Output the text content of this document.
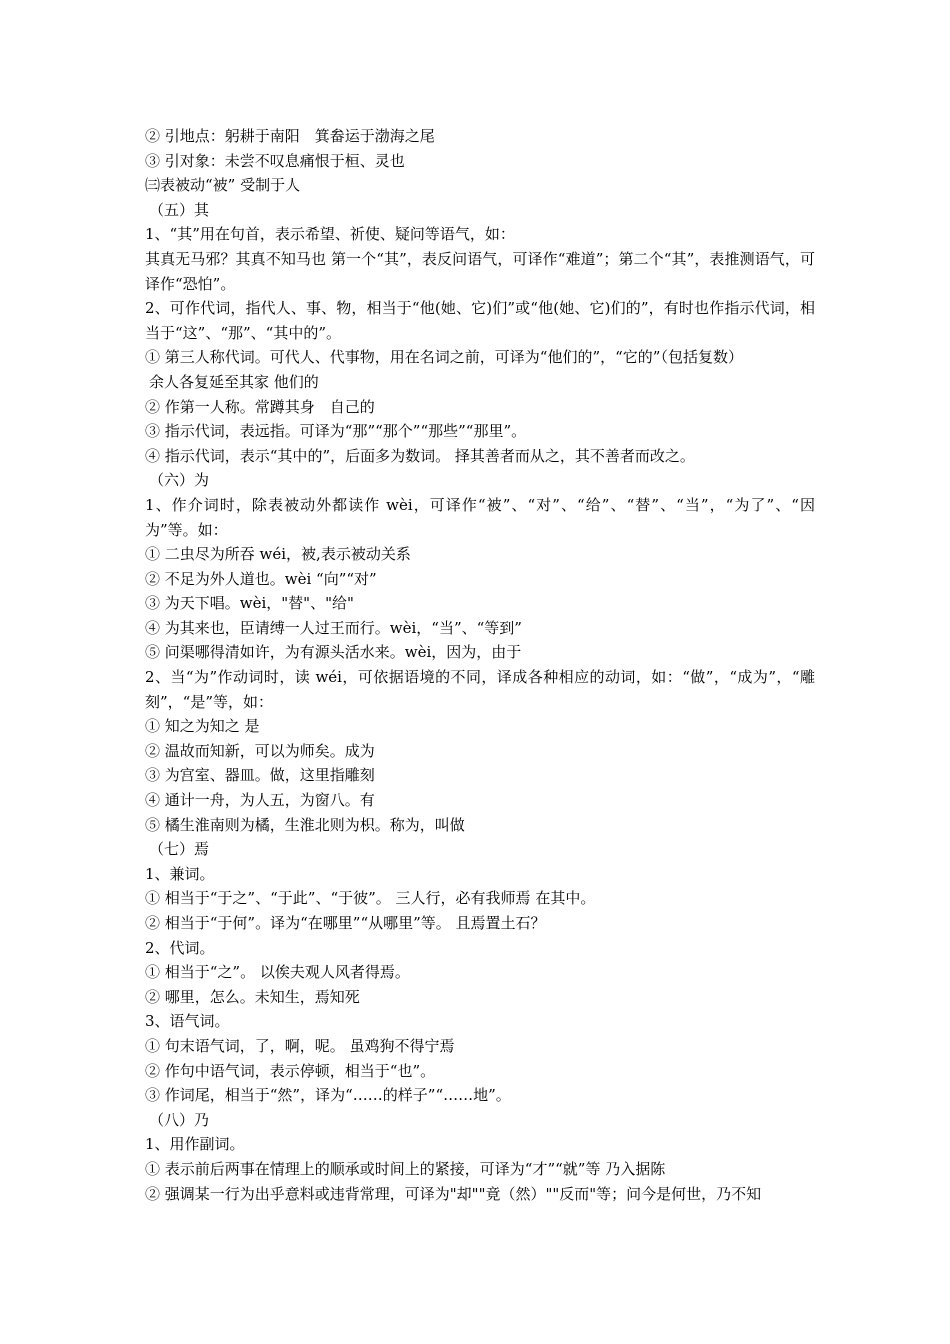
② 引地点：躬耕于南阳　箕畚运于渤海之尾
③ 引对象：未尝不叹息痛恨于桓、灵也
㈢表被动“被” 受制于人
（五）其
1、“其”用在句首，表示希望、祈使、疑问等语气，如：
其真无马邪？其真不知马也 第一个“其”，表反问语气，可译作“难道”；第二个“其”，表推测语气，可译作“恐怕”。
2、可作代词，指代人、事、物，相当于“他(她、它)们”或“他(她、它)们的”，有时也作指示代词，相当于“这”、“那”、“其中的”。
① 第三人称代词。可代人、代事物，用在名词之前，可译为“他们的”，“它的”（包括复数）
余人各复延至其家 他们的
② 作第一人称。常蹲其身　自己的
③ 指示代词，表远指。可译为“那”“那个”“那些”“那里”。
④ 指示代词，表示“其中的”，后面多为数词。 择其善者而从之，其不善者而改之。
（六）为
1、作介词时，除表被动外都读作 wèi，可译作“被”、“对”、“给”、“替”、“当”，“为了”、“因为”等。如：
① 二虫尽为所吞 wéi，被,表示被动关系
② 不足为外人道也。wèi “向”“对”
③ 为天下唱。wèi，"替"、"给"
④ 为其来也，臣请缚一人过王而行。wèi，“当”、“等到”
⑤ 问渠哪得清如许，为有源头活水来。wèi，因为，由于
2、当“为”作动词时，读 wéi，可依据语境的不同，译成各种相应的动词，如：“做”，“成为”，“雕刻”，“是”等，如：
① 知之为知之 是
② 温故而知新，可以为师矣。成为
③ 为宫室、器皿。做，这里指雕刻
④ 通计一舟，为人五，为窗八。有
⑤ 橘生淮南则为橘，生淮北则为枳。称为，叫做
（七）焉
1、兼词。
① 相当于“于之”、“于此”、“于彼”。 三人行，必有我师焉 在其中。
② 相当于“于何”。译为“在哪里”“从哪里”等。 且焉置土石？
2、代词。
① 相当于“之”。 以俟夫观人风者得焉。
② 哪里，怎么。未知生，焉知死
3、语气词。
① 句末语气词，了，啊，呢。 虽鸡狗不得宁焉
② 作句中语气词，表示停顿，相当于“也”。
③ 作词尾，相当于“然”，译为“……的样子”“……地”。
（八）乃
1、用作副词。
① 表示前后两事在情理上的顺承或时间上的紧接，可译为“才”“就”等 乃入据陈
② 强调某一行为出乎意料或违背常理，可译为"却""竟（然）""反而"等；问今是何世，乃不知
